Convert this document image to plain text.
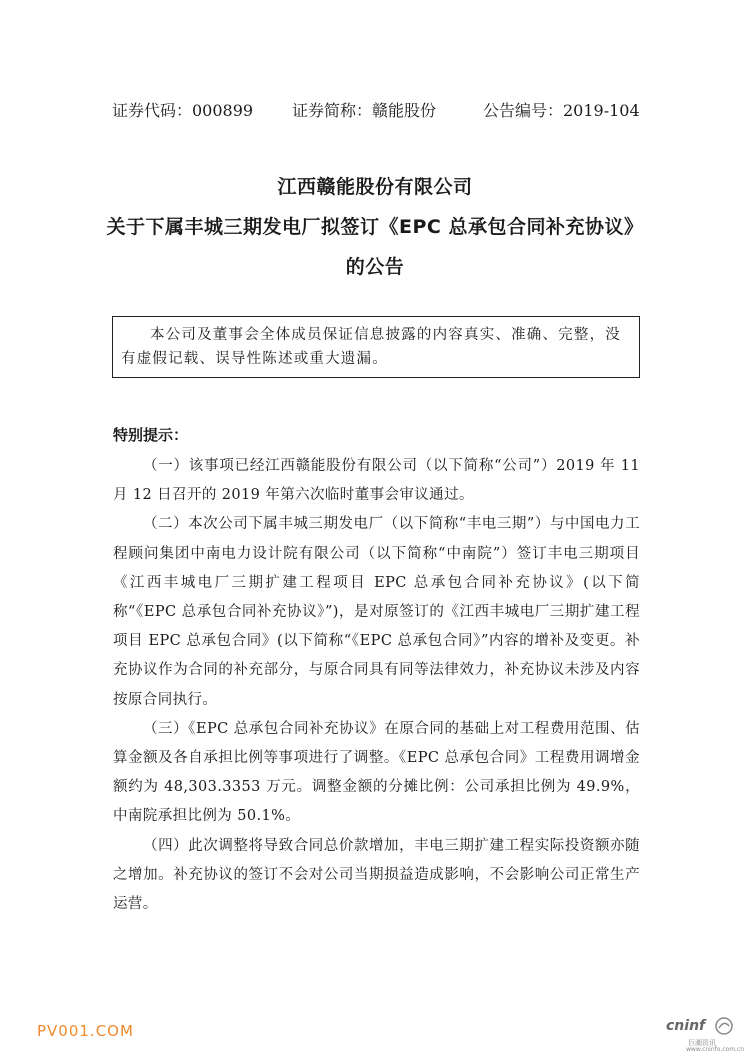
证券代码：000899 证券简称：赣能股份	公告编号：2019-104
江西赣能股份有限公司
关于下属丰城三期发电厂拟签订《EPC 总承包合同补充协议》
的公告

本公司及董事会全体成员保证信息披露的内容真实、准确、完整，没有虚假记载、误导性陈述或重大遗漏。

特别提示：

（一）该事项已经江西赣能股份有限公司（以下简称“公司”）2019 年 11 月 12 日召开的 2019 年第六次临时董事会审议通过。

（二）本次公司下属丰城三期发电厂（以下简称“丰电三期”）与中国电力工程顾问集团中南电力设计院有限公司（以下简称“中南院”）签订丰电三期项目《江西丰城电厂三期扩建工程项目 EPC 总承包合同补充协议》(以下简称“《EPC 总承包合同补充协议》”)，是对原签订的《江西丰城电厂三期扩建工程项目 EPC 总承包合同》(以下简称“《EPC 总承包合同》”内容的增补及变更。补充协议作为合同的补充部分，与原合同具有同等法律效力，补充协议未涉及内容按原合同执行。

（三）《EPC 总承包合同补充协议》在原合同的基础上对工程费用范围、估算金额及各自承担比例等事项进行了调整。《EPC 总承包合同》工程费用调增金额约为 48,303.3353 万元。调整金额的分摊比例：公司承担比例为 49.9%，中南院承担比例为 50.1%。

（四）此次调整将导致合同总价款增加，丰电三期扩建工程实际投资额亦随之增加。补充协议的签订不会对公司当期损益造成影响，不会影响公司正常生产运营。

PV001.COM	cninf
巨潮资讯
www.cninfo.com.cn
